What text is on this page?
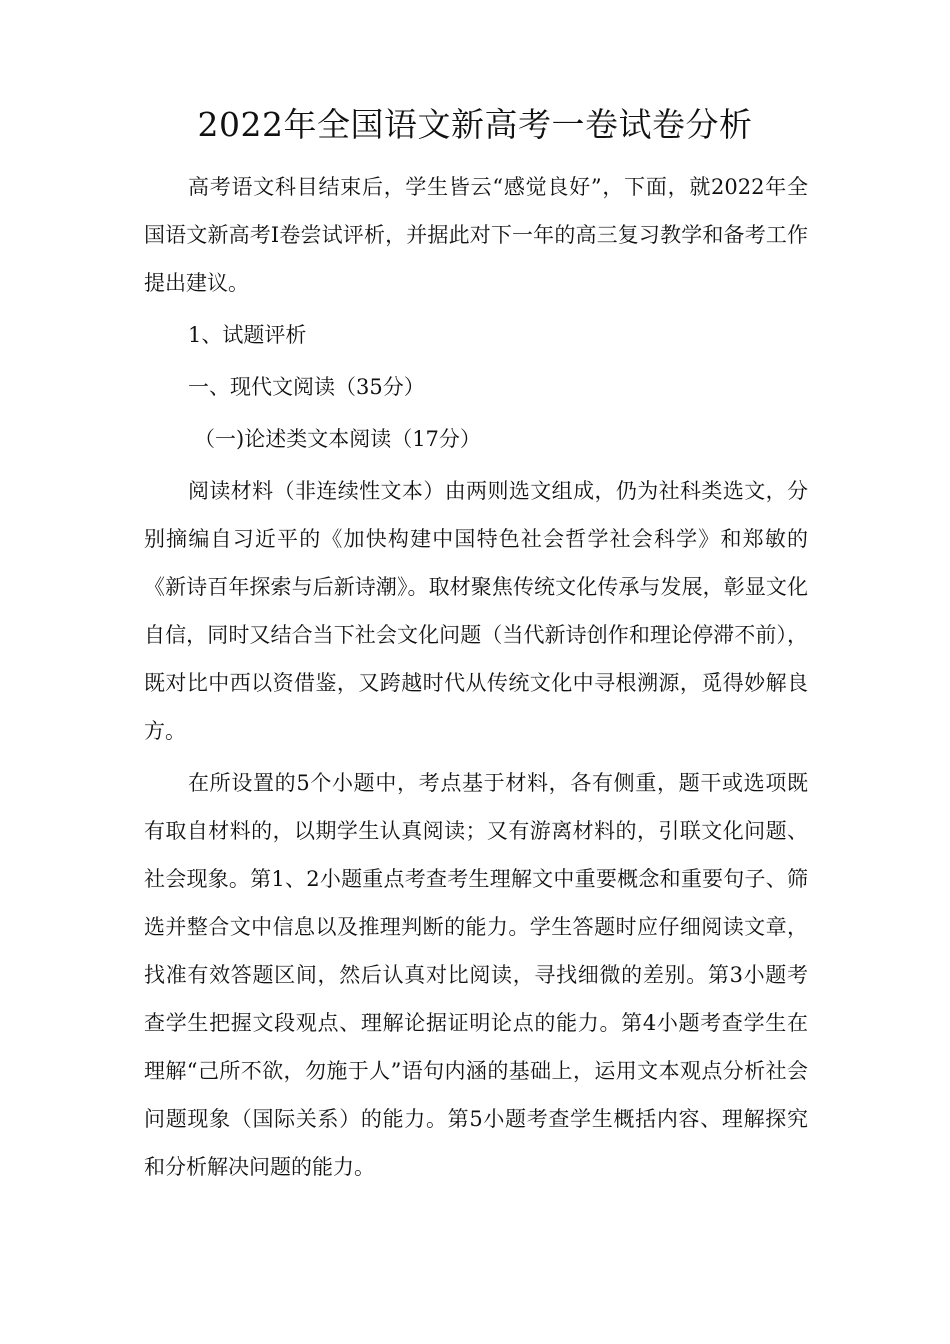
2022年全国语文新高考一卷试卷分析

高考语文科目结束后，学生皆云“感觉良好”，下面，就2022年全国语文新高考Ⅰ卷尝试评析，并据此对下一年的高三复习教学和备考工作提出建议。

1、试题评析

一、现代文阅读（35分）

（一)论述类文本阅读（17分）

阅读材料（非连续性文本）由两则选文组成，仍为社科类选文，分别摘编自习近平的《加快构建中国特色社会哲学社会科学》和郑敏的《新诗百年探索与后新诗潮》。取材聚焦传统文化传承与发展，彰显文化自信，同时又结合当下社会文化问题（当代新诗创作和理论停滞不前），既对比中西以资借鉴，又跨越时代从传统文化中寻根溯源，觅得妙解良方。

在所设置的5个小题中，考点基于材料，各有侧重，题干或选项既有取自材料的，以期学生认真阅读；又有游离材料的，引联文化问题、社会现象。第1、2小题重点考查考生理解文中重要概念和重要句子、筛选并整合文中信息以及推理判断的能力。学生答题时应仔细阅读文章，找准有效答题区间，然后认真对比阅读，寻找细微的差别。第3小题考查学生把握文段观点、理解论据证明论点的能力。第4小题考查学生在理解“己所不欲，勿施于人”语句内涵的基础上，运用文本观点分析社会问题现象（国际关系）的能力。第5小题考查学生概括内容、理解探究和分析解决问题的能力。
